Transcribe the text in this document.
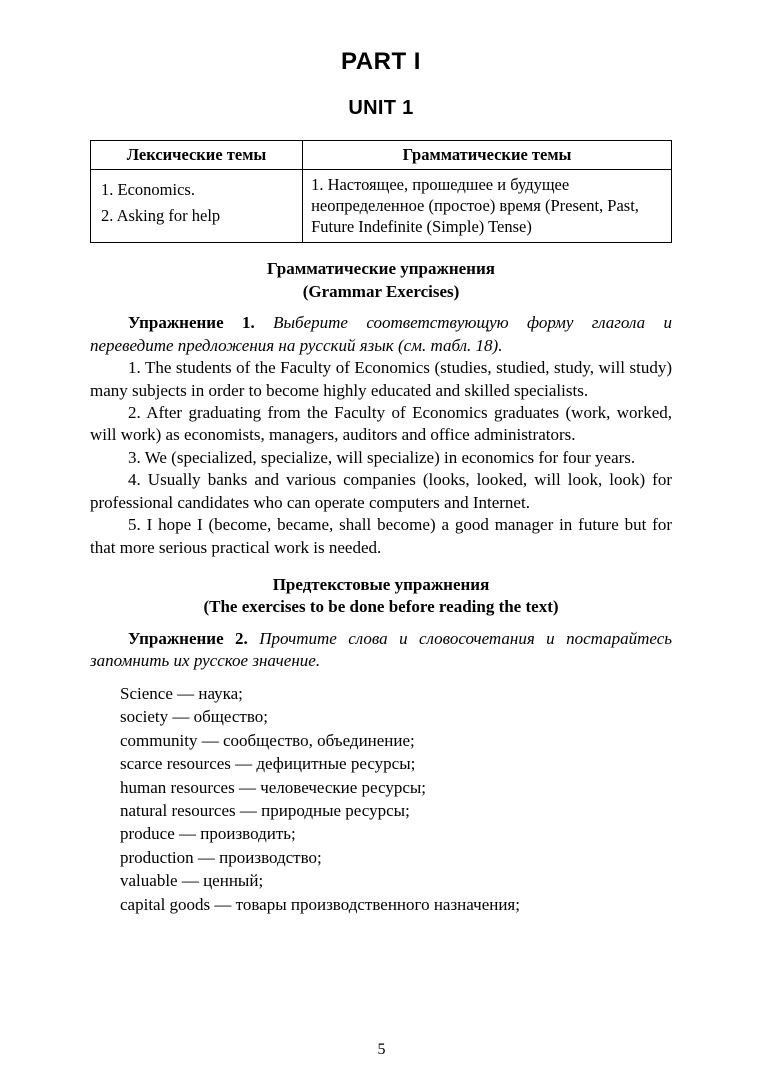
PART I
UNIT 1
Лексические темы	Грамматические темы

1. Economics.
2. Asking for help	1. Настоящее, прошедшее и будущее неопределенное (простое) время (Present, Past, Future Indefinite (Simple) Tense)
Грамматические упражнения
(Grammar Exercises)

Упражнение 1. Выберите соответствующую форму глагола и переведите предложения на русский язык (см. табл. 18).

1. The students of the Faculty of Economics (studies, studied, study, will study) many subjects in order to become highly educated and skilled specialists.

2. After graduating from the Faculty of Economics graduates (work, worked, will work) as economists, managers, auditors and office administrators.

3. We (specialized, specialize, will specialize) in economics for four years.

4. Usually banks and various companies (looks, looked, will look, look) for professional candidates who can operate computers and Internet.

5. I hope I (become, became, shall become) a good manager in future but for that more serious practical work is needed.

Предтекстовые упражнения
(The exercises to be done before reading the text)

Упражнение 2. Прочтите слова и словосочетания и постарайтесь запомнить их русское значение.

Science — наука;
society — общество;
community — сообщество, объединение;
scarce resources — дефицитные ресурсы;
human resources — человеческие ресурсы;
natural resources — природные ресурсы;
produce — производить;
production — производство;
valuable — ценный;
capital goods — товары производственного назначения;
5
